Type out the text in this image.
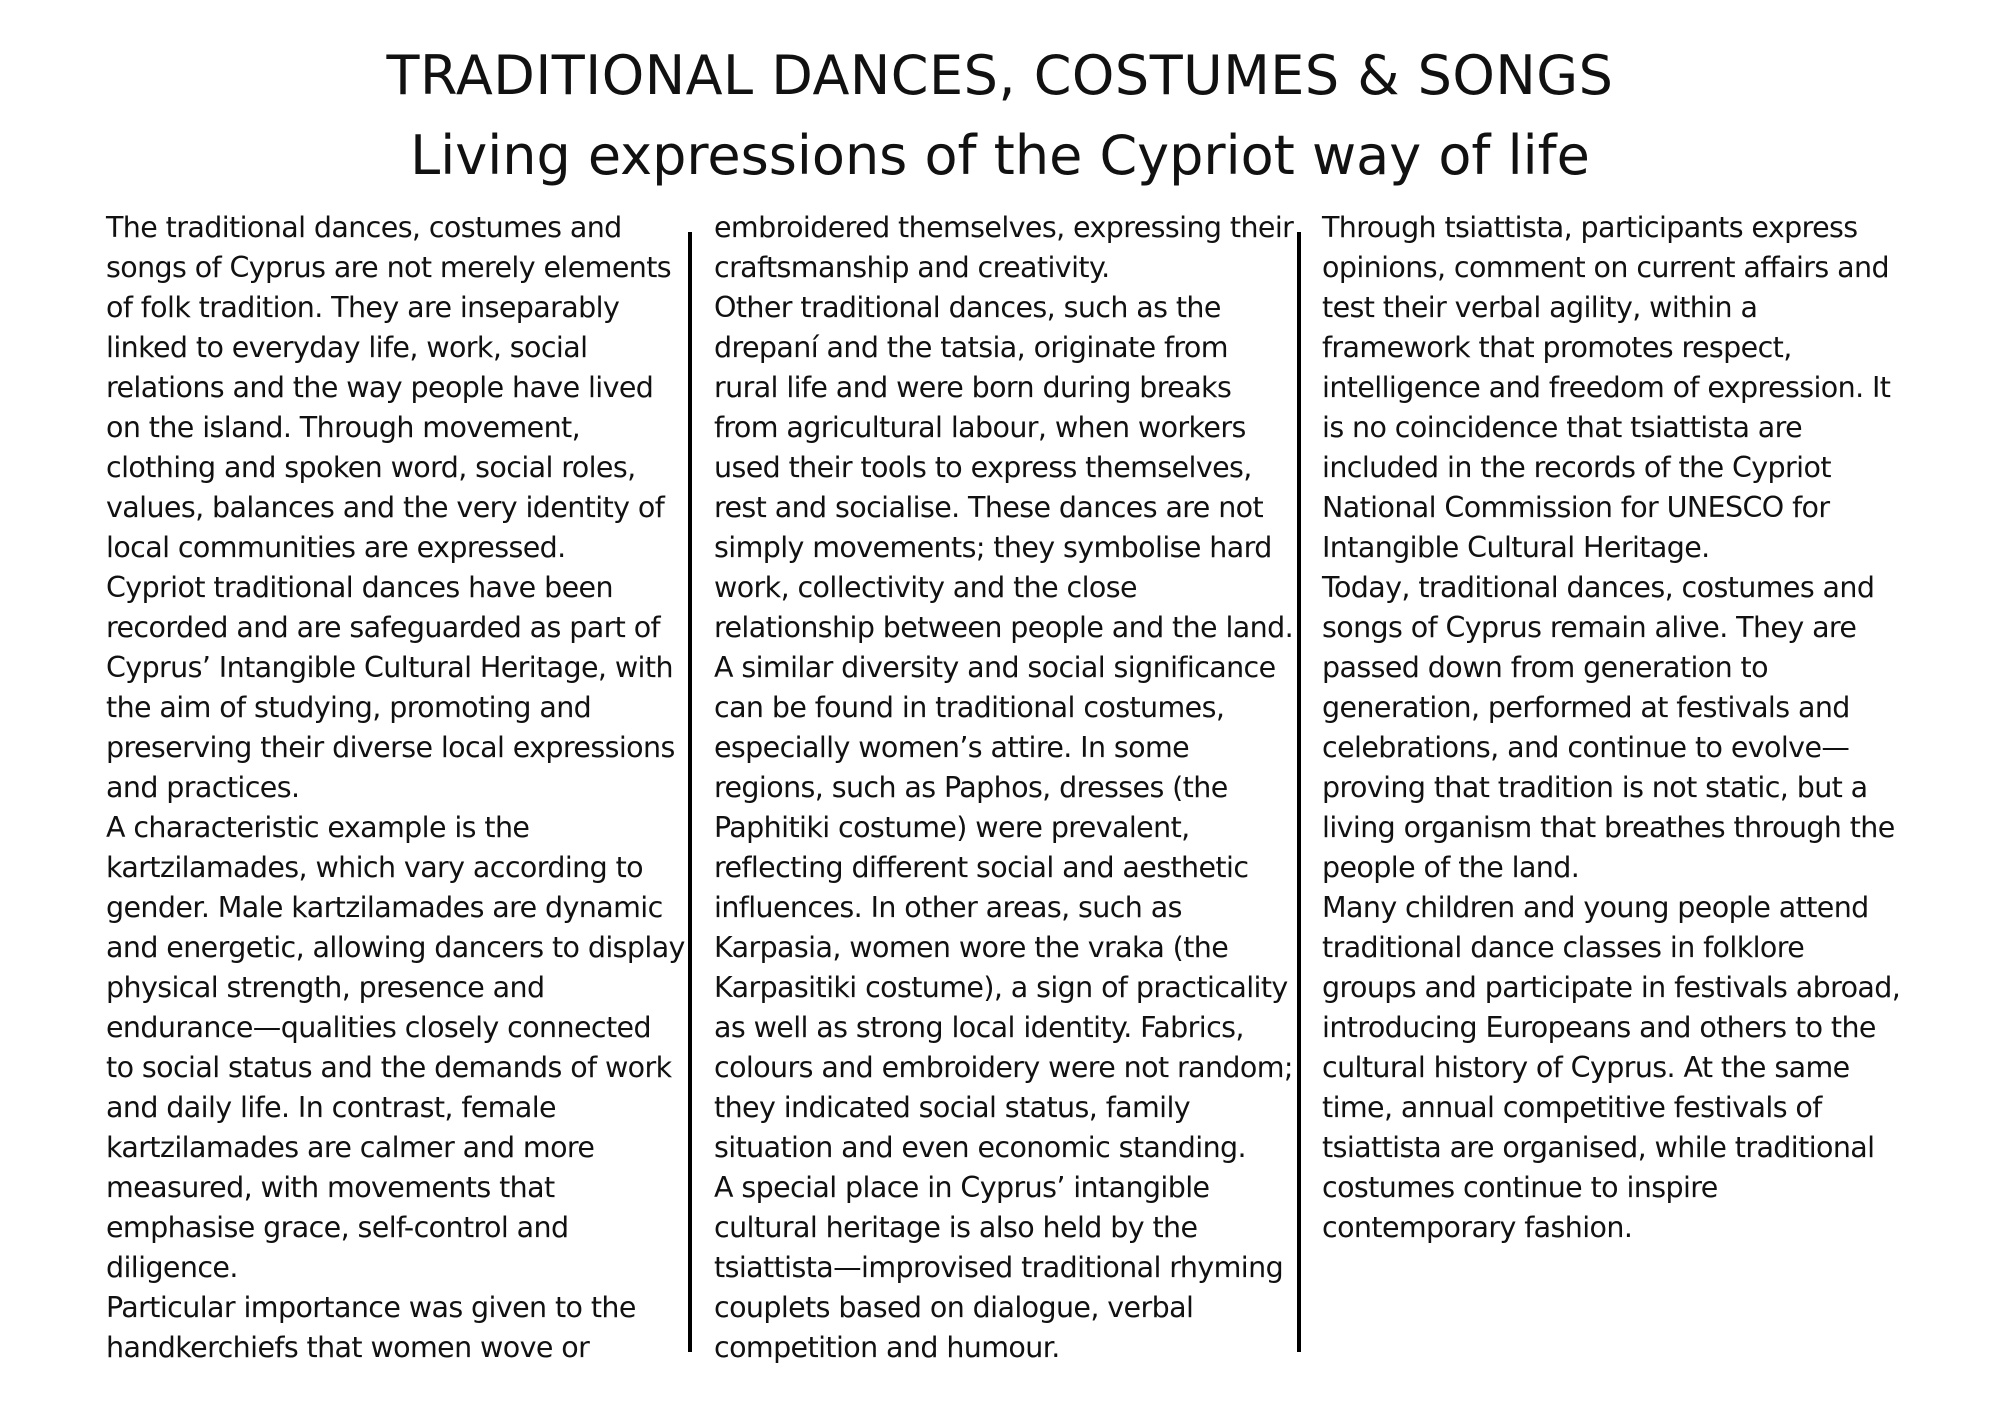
TRADITIONAL DANCES, COSTUMES & SONGS
Living expressions of the Cypriot way of life

The traditional dances, costumes and
songs of Cyprus are not merely elements
of folk tradition. They are inseparably
linked to everyday life, work, social
relations and the way people have lived
on the island. Through movement,
clothing and spoken word, social roles,
values, balances and the very identity of
local communities are expressed.

Cypriot traditional dances have been
recorded and are safeguarded as part of
Cyprus’ Intangible Cultural Heritage, with
the aim of studying, promoting and
preserving their diverse local expressions
and practices.

A characteristic example is the
kartzilamades, which vary according to
gender. Male kartzilamades are dynamic
and energetic, allowing dancers to display
physical strength, presence and
endurance—qualities closely connected
to social status and the demands of work
and daily life. In contrast, female
kartzilamades are calmer and more
measured, with movements that
emphasise grace, self-control and
diligence.

Particular importance was given to the
handkerchiefs that women wove or

embroidered themselves, expressing their
craftsmanship and creativity.

Other traditional dances, such as the
drepaní and the tatsia, originate from
rural life and were born during breaks
from agricultural labour, when workers
used their tools to express themselves,
rest and socialise. These dances are not
simply movements; they symbolise hard
work, collectivity and the close
relationship between people and the land.

A similar diversity and social significance
can be found in traditional costumes,
especially women’s attire. In some
regions, such as Paphos, dresses (the
Paphitiki costume) were prevalent,
reflecting different social and aesthetic
influences. In other areas, such as
Karpasia, women wore the vraka (the
Karpasitiki costume), a sign of practicality
as well as strong local identity. Fabrics,
colours and embroidery were not random;
they indicated social status, family
situation and even economic standing.

A special place in Cyprus’ intangible
cultural heritage is also held by the
tsiattista—improvised traditional rhyming
couplets based on dialogue, verbal
competition and humour.

Through tsiattista, participants express
opinions, comment on current affairs and
test their verbal agility, within a
framework that promotes respect,
intelligence and freedom of expression. It
is no coincidence that tsiattista are
included in the records of the Cypriot
National Commission for UNESCO for
Intangible Cultural Heritage.

Today, traditional dances, costumes and
songs of Cyprus remain alive. They are
passed down from generation to
generation, performed at festivals and
celebrations, and continue to evolve—
proving that tradition is not static, but a
living organism that breathes through the
people of the land.

Many children and young people attend
traditional dance classes in folklore
groups and participate in festivals abroad,
introducing Europeans and others to the
cultural history of Cyprus. At the same
time, annual competitive festivals of
tsiattista are organised, while traditional
costumes continue to inspire
contemporary fashion.
